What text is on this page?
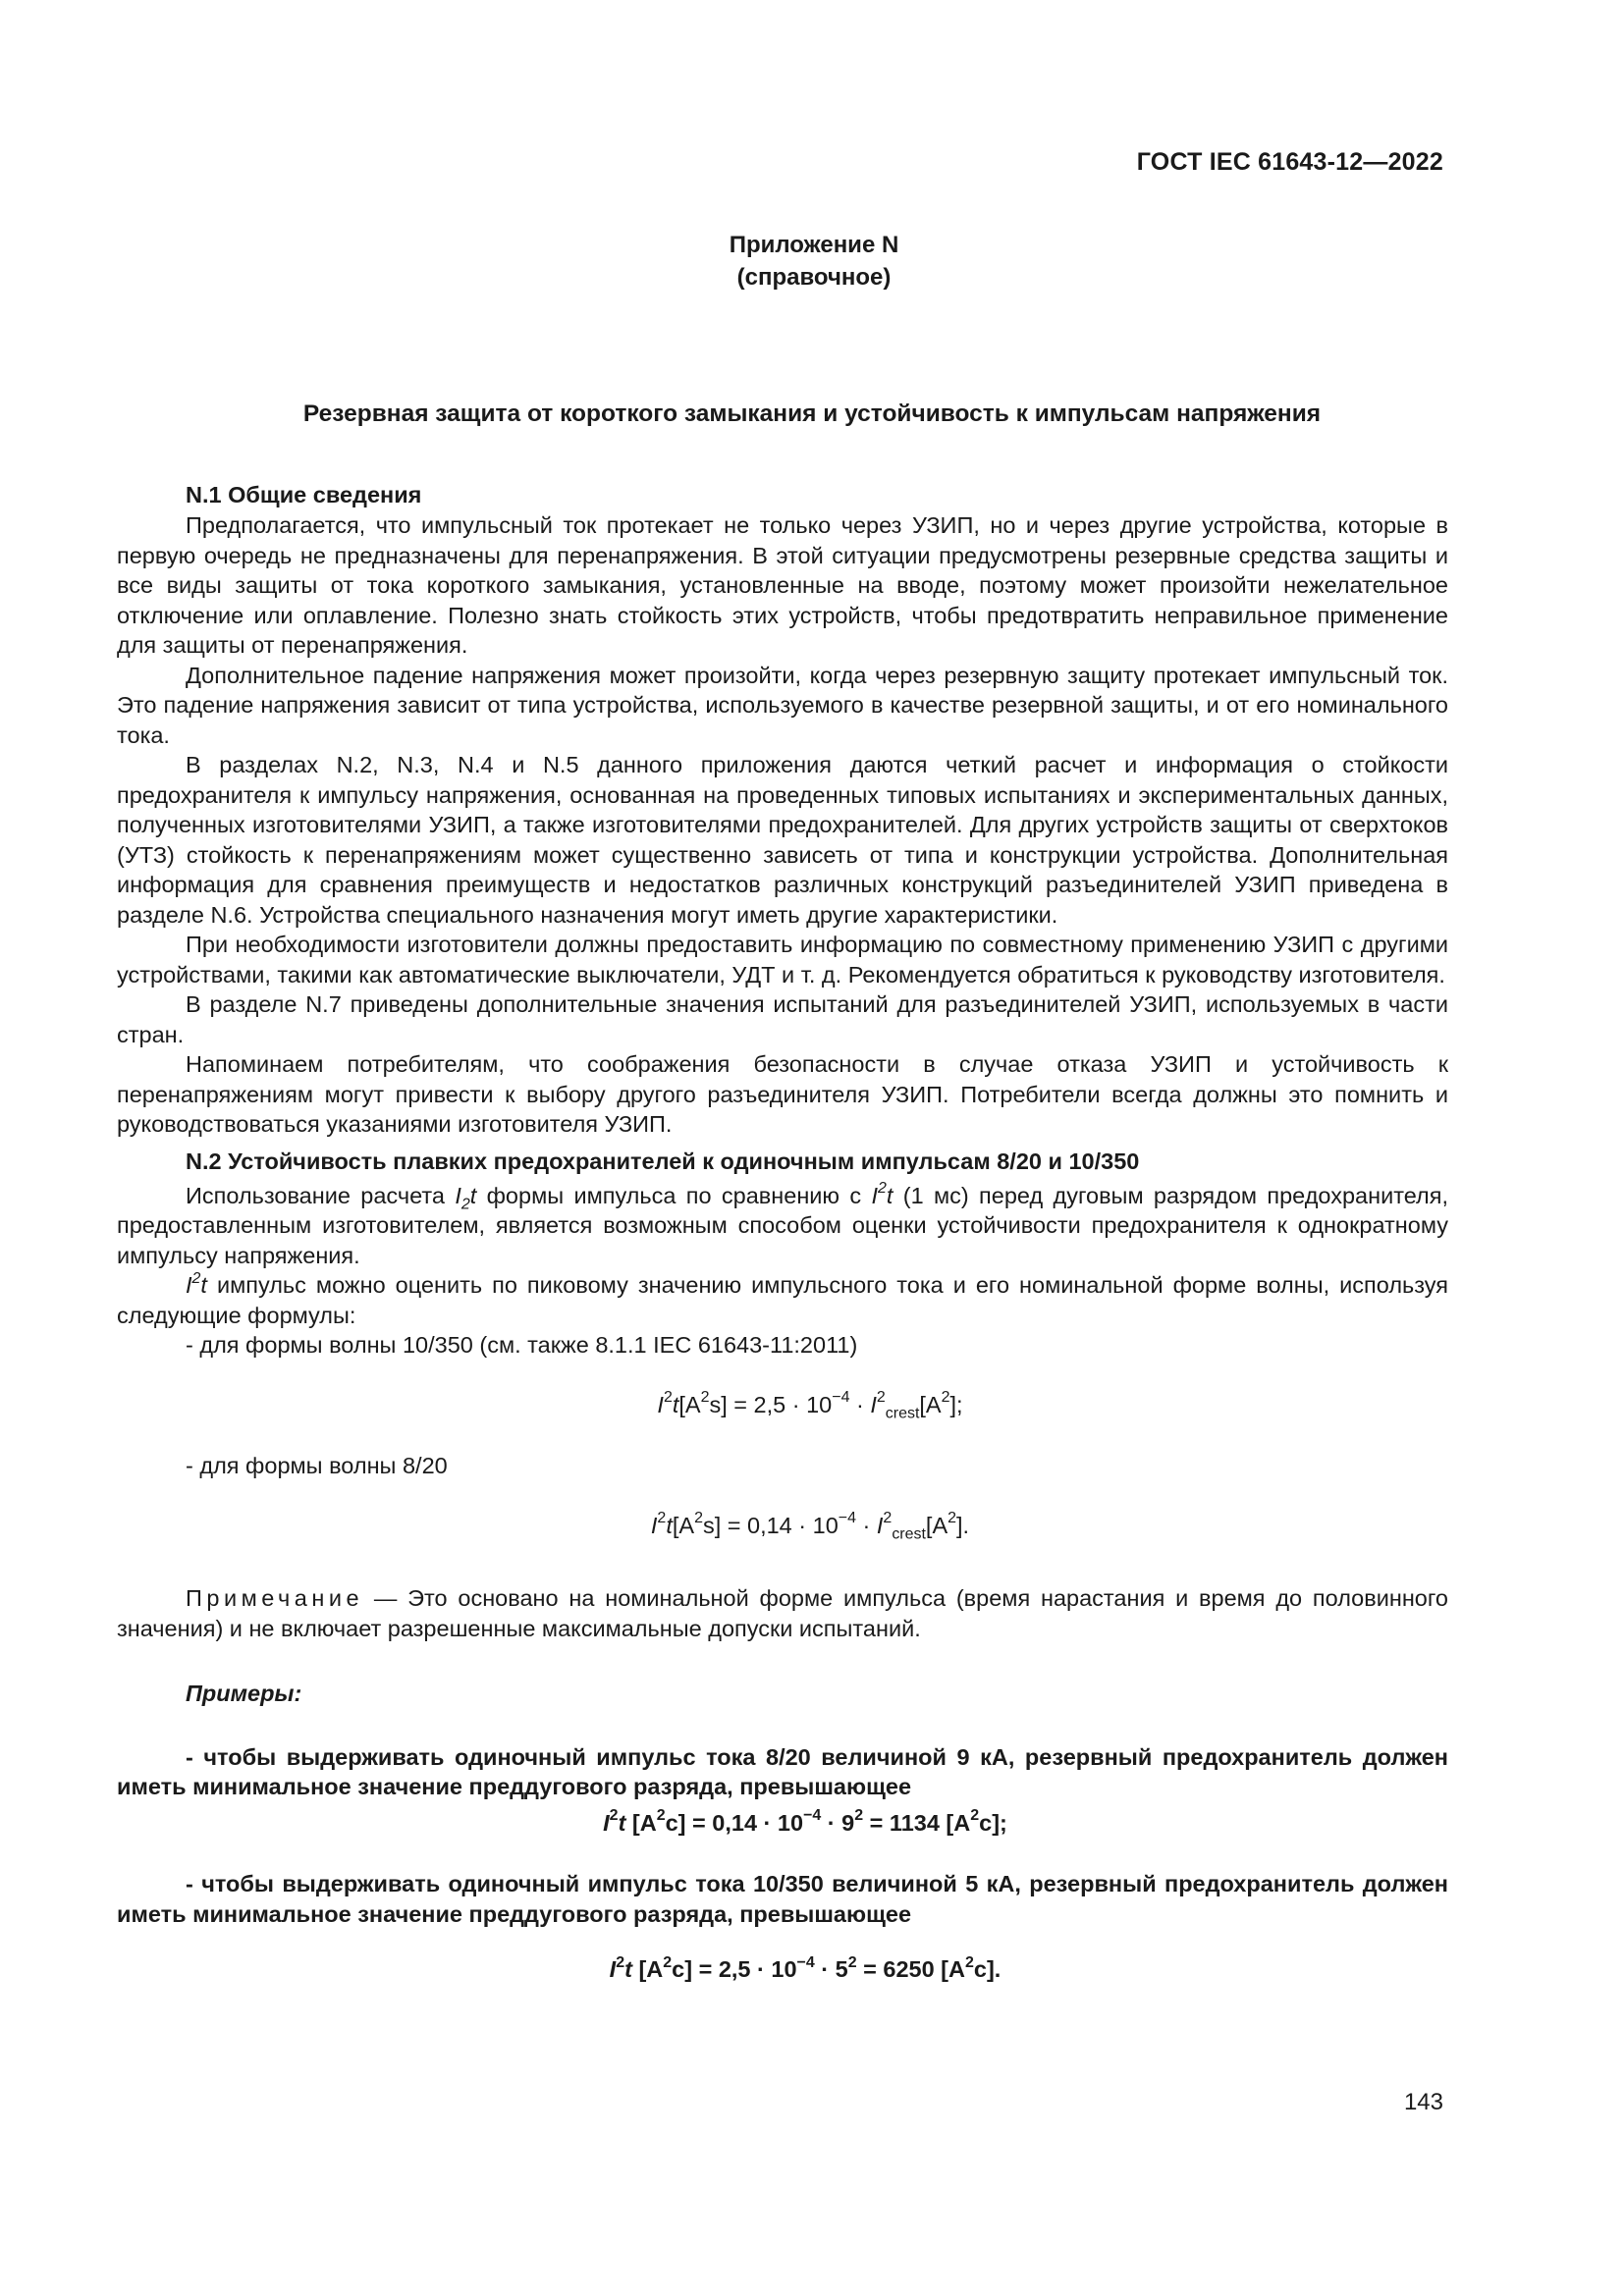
ГОСТ IEC 61643-12—2022
Приложение N
(справочное)
Резервная защита от короткого замыкания и устойчивость к импульсам напряжения
N.1 Общие сведения

Предполагается, что импульсный ток протекает не только через УЗИП, но и через другие устройства, которые в первую очередь не предназначены для перенапряжения. В этой ситуации предусмотрены резервные средства защиты и все виды защиты от тока короткого замыкания, установленные на вводе, поэтому может произойти нежелательное отключение или оплавление. Полезно знать стойкость этих устройств, чтобы предотвратить неправильное применение для защиты от перенапряжения.

Дополнительное падение напряжения может произойти, когда через резервную защиту протекает импульсный ток. Это падение напряжения зависит от типа устройства, используемого в качестве резервной защиты, и от его номинального тока.

В разделах N.2, N.3, N.4 и N.5 данного приложения даются четкий расчет и информация о стойкости предохранителя к импульсу напряжения, основанная на проведенных типовых испытаниях и экспериментальных данных, полученных изготовителями УЗИП, а также изготовителями предохранителей. Для других устройств защиты от сверхтоков (УТЗ) стойкость к перенапряжениям может существенно зависеть от типа и конструкции устройства. Дополнительная информация для сравнения преимуществ и недостатков различных конструкций разъединителей УЗИП приведена в разделе N.6. Устройства специального назначения могут иметь другие характеристики.

При необходимости изготовители должны предоставить информацию по совместному применению УЗИП с другими устройствами, такими как автоматические выключатели, УДТ и т. д. Рекомендуется обратиться к руководству изготовителя.

В разделе N.7 приведены дополнительные значения испытаний для разъединителей УЗИП, используемых в части стран.

Напоминаем потребителям, что соображения безопасности в случае отказа УЗИП и устойчивость к перенапряжениям могут привести к выбору другого разъединителя УЗИП. Потребители всегда должны это помнить и руководствоваться указаниями изготовителя УЗИП.

N.2 Устойчивость плавких предохранителей к одиночным импульсам 8/20 и 10/350

Использование расчета $I_2t$ формы импульса по сравнению с $I^2t$ (1 мс) перед дуговым разрядом предохранителя, предоставленным изготовителем, является возможным способом оценки устойчивости предохранителя к однократному импульсу напряжения.

$I^2t$ импульс можно оценить по пиковому значению импульсного тока и его номинальной форме волны, используя следующие формулы:

- для формы волны 10/350 (см. также 8.1.1 IEC 61643-11:2011)

$I^2t[A^2s] = 2,5 \cdot 10^{-4} \cdot I^2_{crest}[A^2]$;

- для формы волны 8/20

$I^2t[A^2s] = 0,14 \cdot 10^{-4} \cdot I^2_{crest}[A^2]$.

Примечание — Это основано на номинальной форме импульса (время нарастания и время до половинного значения) и не включает разрешенные максимальные допуски испытаний.

Примеры:

- чтобы выдерживать одиночный импульс тока 8/20 величиной 9 кА, резервный предохранитель должен иметь минимальное значение преддугового разряда, превышающее

$I^2t$ $[A^2c] = 0,14 \cdot 10^{-4} \cdot 9^2 = 1134$ $[A^2c]$;

- чтобы выдерживать одиночный импульс тока 10/350 величиной 5 кА, резервный предохранитель должен иметь минимальное значение преддугового разряда, превышающее

$I^2t$ $[A^2с] = 2,5 \cdot 10^{-4} \cdot 5^2 = 6250$ $[A^2c]$.

143
